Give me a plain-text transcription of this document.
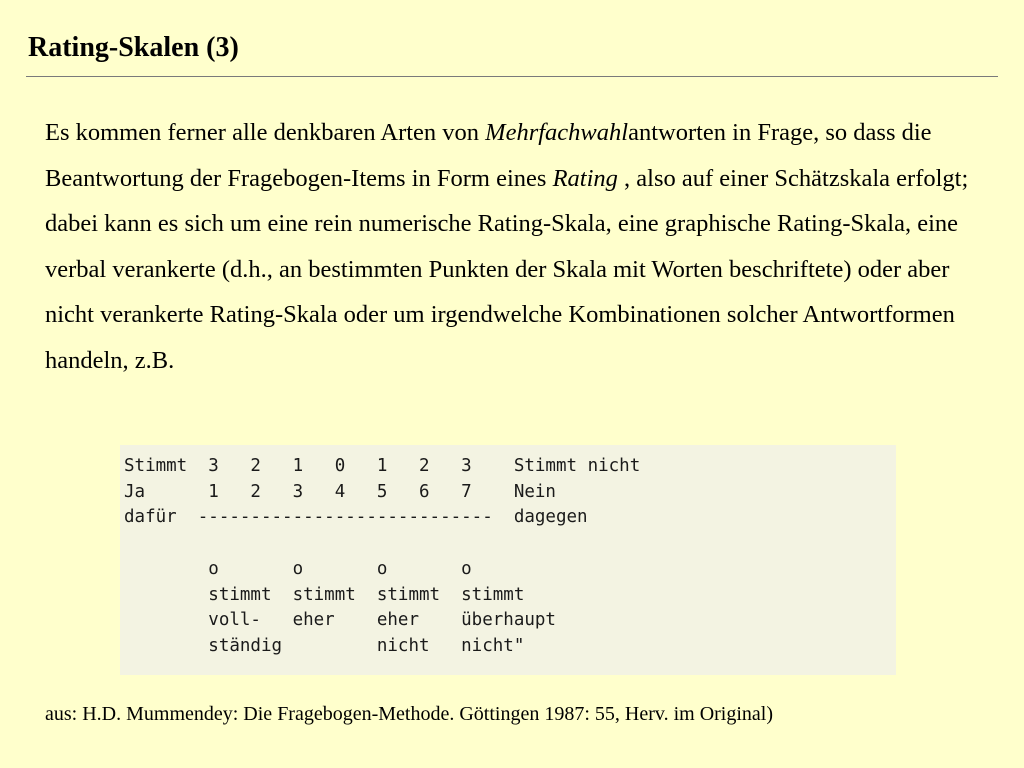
Rating-Skalen (3)

Es kommen ferner alle denkbaren Arten von Mehrfachwahlantworten in Frage, so dass die Beantwortung der Fragebogen-Items in Form eines Rating , also auf einer Schätzskala erfolgt; dabei kann es sich um eine rein numerische Rating-Skala, eine graphische Rating-Skala, eine verbal verankerte (d.h., an bestimmten Punkten der Skala mit Worten beschriftete) oder aber nicht verankerte Rating-Skala oder um irgendwelche Kombinationen solcher Antwortformen handeln, z.B.

Stimmt  3   2   1   0   1   2   3    Stimmt nicht
Ja      1   2   3   4   5   6   7    Nein
dafür  ----------------------------  dagegen

o       o       o       o
stimmt  stimmt  stimmt  stimmt
voll-   eher    eher    überhaupt
ständig         nicht   nicht"

aus: H.D. Mummendey: Die Fragebogen-Methode. Göttingen 1987: 55, Herv. im Original)
